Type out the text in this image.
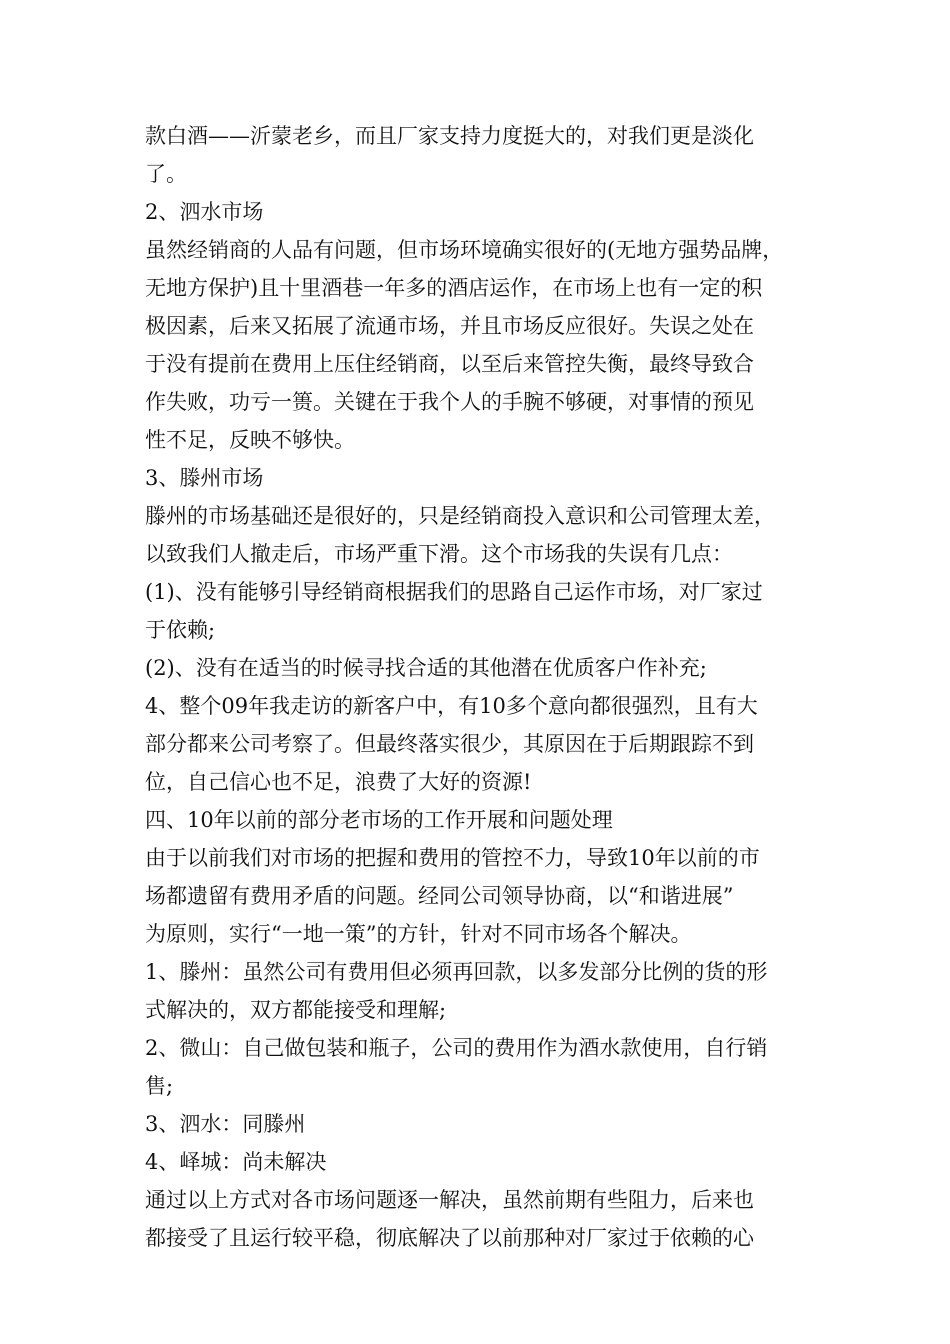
款白酒——沂蒙老乡，而且厂家支持力度挺大的，对我们更是淡化

了。

2、泗水市场

虽然经销商的人品有问题，但市场环境确实很好的(无地方强势品牌，

无地方保护)且十里酒巷一年多的酒店运作，在市场上也有一定的积

极因素，后来又拓展了流通市场，并且市场反应很好。失误之处在

于没有提前在费用上压住经销商，以至后来管控失衡，最终导致合

作失败，功亏一篑。关键在于我个人的手腕不够硬，对事情的预见

性不足，反映不够快。

3、滕州市场

滕州的市场基础还是很好的，只是经销商投入意识和公司管理太差，

以致我们人撤走后，市场严重下滑。这个市场我的失误有几点：

(1)、没有能够引导经销商根据我们的思路自己运作市场，对厂家过

于依赖;

(2)、没有在适当的时候寻找合适的其他潜在优质客户作补充;

4、整个09年我走访的新客户中，有10多个意向都很强烈，且有大

部分都来公司考察了。但最终落实很少，其原因在于后期跟踪不到

位，自己信心也不足，浪费了大好的资源!

四、10年以前的部分老市场的工作开展和问题处理

由于以前我们对市场的把握和费用的管控不力，导致10年以前的市

场都遗留有费用矛盾的问题。经同公司领导协商，以“和谐进展”

为原则，实行“一地一策”的方针，针对不同市场各个解决。

1、滕州：虽然公司有费用但必须再回款，以多发部分比例的货的形

式解决的，双方都能接受和理解;

2、微山：自己做包装和瓶子，公司的费用作为酒水款使用，自行销

售;

3、泗水：同滕州

4、峄城：尚未解决

通过以上方式对各市场问题逐一解决，虽然前期有些阻力，后来也

都接受了且运行较平稳，彻底解决了以前那种对厂家过于依赖的心
